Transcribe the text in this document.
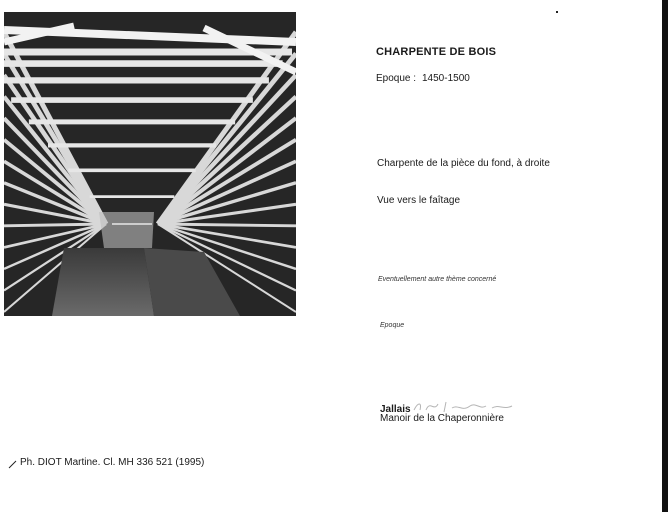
CHARPENTE DE BOIS
Epoque : 1450-1500
Charpente de la pièce du fond, à droite
Vue vers le faîtage
Eventuellement autre thème concerné
Epoque
Jallais
Manoir de la Chaperonnière
Ph. DIOT Martine. Cl. MH 336 521 (1995)
